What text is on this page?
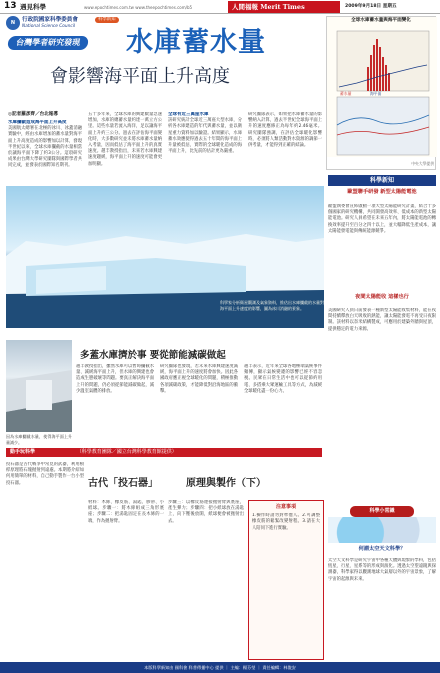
13 遇見科學	www.epochtimes.com.tw www.theepochtimes.com/b5	人間福報 Merit Times	2009年9月18日 星期五
N	行政院國家科學委員會
National Science Council
科學新知
台灣學者研究發現	水庫蓄水量
會影響海平面上升高度
◎記者羅彥齊／台北報導
水庫攔截造成海平面上升高度

美國航太總署在北極的冰川、冰蓋消融實驗中，經由水庫增加的蓄水量對海平面上升高度造成的影響加以計算，發現半世紀以來，全球水庫攔截的水量相當於讓海平面下降了約3公分。這項研究成果由台灣大學研究團隊與國際學者共同完成，並發表於國際知名期刊。

五十多年來，全球水庫的興建數量急速增加，水庫的總蓄水量約達一萬立方公里。這些水量若流入海洋，足以讓海平面上升約三公分。過去在評估海平面變化時，大多數研究並未將水庫蓄水量納入考量，因而低估了海平面上升的真實速度。趙丰教授指出，未來若水庫興建速度趨緩，海平面上升的速度可能會更加明顯。
全球有近三萬座水庫

該研究統計全球近三萬座大型水庫，分析各水庫建造的年代與蓄水量，並以衛星重力資料加以驗證。結果顯示，水庫蓄水效應使得過去五十年間的海平面上升量被低估，實際的全球暖化造成的海平面上升，比先前的估計更為嚴重。

研究團隊表示，如果把水庫蓄水量的影響納入計算，過去半世紀全球海平面上升的速度應修正為每年約2.46毫米。研究團隊強調，在評估全球暖化影響時，必須將人類活動對水資源的調節一併考量，才能得到正確的結論。
科學家分析衛星觀測及氣象資料，推估出水庫攔截的水量對海平面上升速度的影響，圖為冰川消融的景象。
全球水庫蓄水量與海平面變化
蓄水量	海平面
中央大學提供
科學新知
歐盟聯手研發 新型太陽能電池
歐盟執委會宣佈啟動一項大型太陽能研究計畫，結合十多個國家的研究機構，共同開發高效率、低成本的新型太陽能電池。研究人員希望在未來五年內，將太陽能電池的轉換效率提升至百分之四十以上，並大幅降低生產成本，讓太陽能發電能與傳統能源競爭。
夜間太陽能收 這樣也行
美國研究人員日前發表一種新型太陽能收集材料，能在夜間持續釋放白天吸收的熱能，讓太陽能發電不再受日夜限制。該材料以奈米結構製成，可應用於建築外牆與屋頂，提供穩定的電力來源。
科學小常識
何謂太空天文科學？
太空天文科學是研究宇宙中各種天體與現象的學科，包括恆星、行星、星系等的形成與演化。透過太空望遠鏡與探測器，科學家得以觀測地球大氣層以外的宇宙景象，了解宇宙的起源與未來。
多蓋水庫擠於事 要從節能減碳做起
因為水庫攔截水量，使得海平面上升量減少。
趙丰教授指出，雖然水庫可以暫時攔截水量、減緩海平面上升，但水庫的興建也會造成生態破壞等問題。要真正解決海平面上升的問題，仍必須從節能減碳做起，減少溫室氣體的排放。
研究團隊也發現，若未來水庫興建速度減緩，海平面上升的速度將會加快。因此各國政府應正視全球暖化的問題，積極推動各項減碳政策，才能降低對沿海地區的衝擊。
趙丰表示，近年來全球各地極端氣候事件頻傳，顯示氣候變遷的影響已經不容忽視。民眾在日常生活中也可以從節約用電、多搭乘大眾運輸工具等方式，為減緩全球暖化盡一份心力。
動手玩科學	（科學教育團隊／國立台灣科學教育館提供）
古代「投石器」	原理與製作（下）
投石器是古代戰爭中常見的武器，利用槓桿原理將石塊拋射到遠處。本期將介紹如何用簡單的材料，自己動手製作一台小型投石器。
材料：木條、橡皮筋、湯匙、膠帶、小紙球。步驟一：將木條組成三角形底座；步驟二：把湯匙固定在長木條的一端，作為拋射臂。
步驟三：以橡皮筋連接拋射臂與底座，產生彈力；步驟四：把小紙球放在湯匙上，向下壓後放開，紙球便會被拋射出去。
注意事項
1.操作時請勿對準他人。2.可調整橡皮筋的鬆緊改變射程。3.請在大人陪同下進行實驗。
本版科學新知由 國科會 科普傳播中心 提供 ｜ 主編：楊芬瑩 ｜ 責任編輯：林俊安
